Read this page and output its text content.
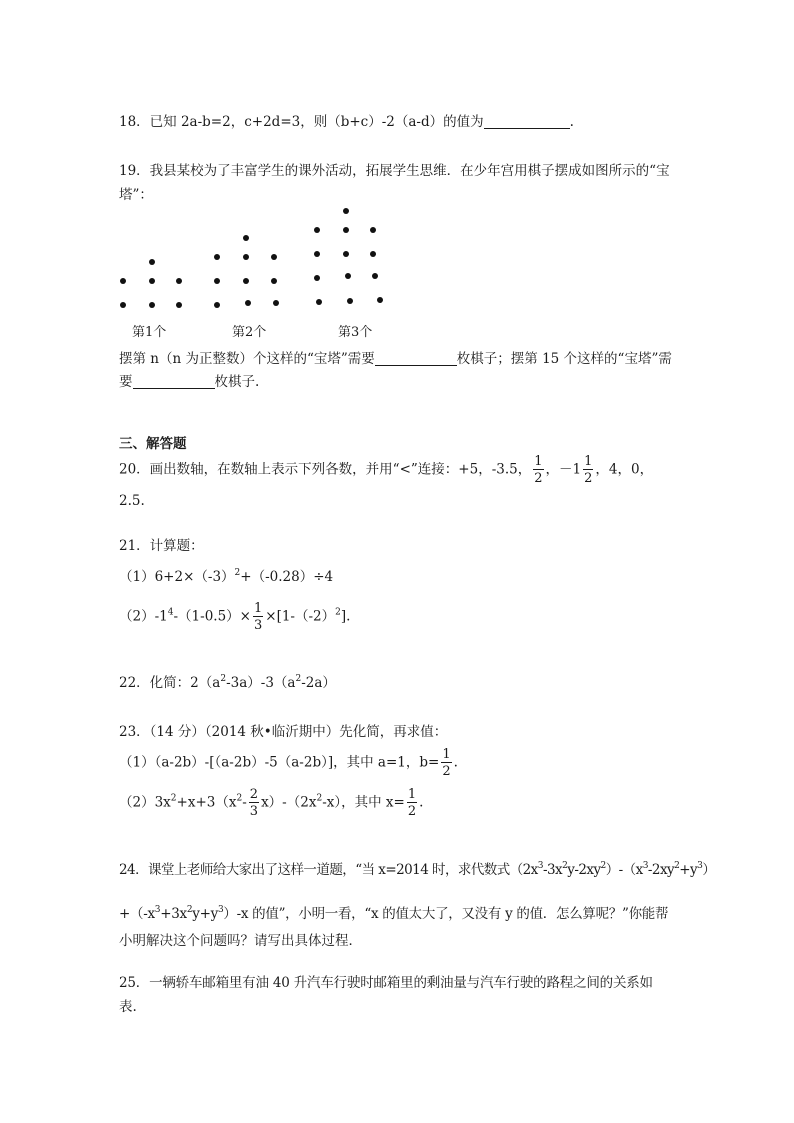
18．已知 2a-b=2，c+2d=3，则（b+c）-2（a-d）的值为	.
19．我县某校为了丰富学生的课外活动，拓展学生思维．在少年宫用棋子摆成如图所示的“宝
塔”：
第1个	第2个	第3个
摆第 n（n 为正整数）个这样的“宝塔”需要	枚棋子；摆第 15 个这样的“宝塔”需
要	枚棋子.
三、解答题
20．画出数轴，在数轴上表示下列各数，并用“<”连接：+5，-3.5， $\frac{1}{2}$ ，$-1 \frac{1}{2}$ ，4，0，
2.5.
21．计算题：
$(1)6+2\times(-3)^2+(-0.28)\div 4$
$(2)-1^4-(1-0.5)\times \frac{1}{3} \times[1-(-2)^2]$.
22．化简：$2(a^2-3a)-3(a^2-2a)$
23．（14 分）（2014 秋•临沂期中）先化简，再求值：
（1）（a-2b）-[（a-2b）-5（a-2b）]，其中 a=1，$b= \frac{1}{2}$ .
$(2)3x^2+x+3(x^2- \frac{2}{3} x)-(2x^2-x)$，其中 $x= \frac{1}{2}$ .
24．课堂上老师给大家出了这样一道题，“当 x=2014 时，求代数式$(2x^3-3x^2y-2xy^2)-(x^3-2xy^2+y^3)$
$+(-x^3+3x^2y+y^3)-x$ 的值”，小明一看，“x 的值太大了，又没有 y 的值．怎么算呢？”你能帮
小明解决这个问题吗？请写出具体过程．
25．一辆轿车邮箱里有油 40 升汽车行驶时邮箱里的剩油量与汽车行驶的路程之间的关系如
表.
